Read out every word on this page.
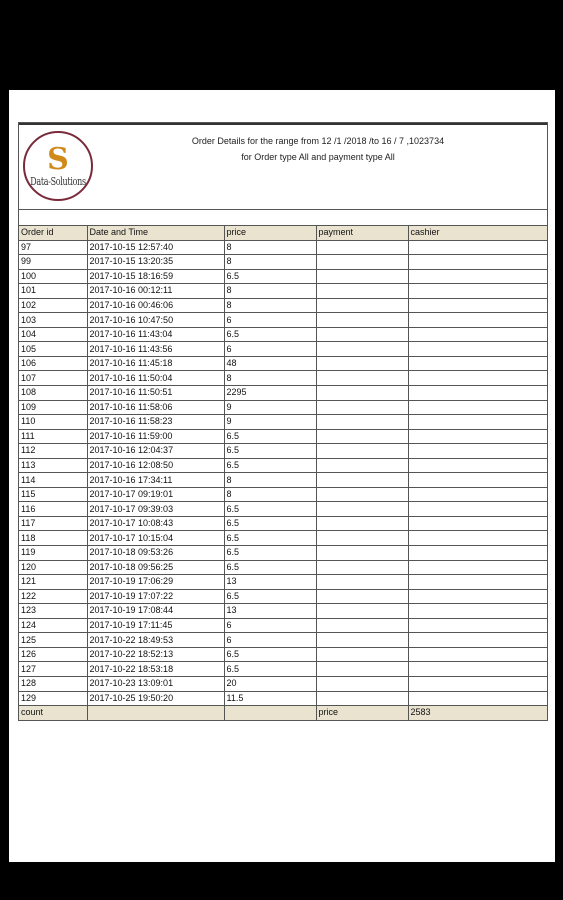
S
Data-Solutions
Order Details for the range from 12 /1 /2018 /to 16 / 7 ,1023734
for Order type All and payment type All
Order id	Date and Time	price	payment	cashier
97	2017-10-15 12:57:40	8		
99	2017-10-15 13:20:35	8		
100	2017-10-15 18:16:59	6.5		
101	2017-10-16 00:12:11	8		
102	2017-10-16 00:46:06	8		
103	2017-10-16 10:47:50	6		
104	2017-10-16 11:43:04	6.5		
105	2017-10-16 11:43:56	6		
106	2017-10-16 11:45:18	48		
107	2017-10-16 11:50:04	8		
108	2017-10-16 11:50:51	2295		
109	2017-10-16 11:58:06	9		
110	2017-10-16 11:58:23	9		
111	2017-10-16 11:59:00	6.5		
112	2017-10-16 12:04:37	6.5		
113	2017-10-16 12:08:50	6.5		
114	2017-10-16 17:34:11	8		
115	2017-10-17 09:19:01	8		
116	2017-10-17 09:39:03	6.5		
117	2017-10-17 10:08:43	6.5		
118	2017-10-17 10:15:04	6.5		
119	2017-10-18 09:53:26	6.5		
120	2017-10-18 09:56:25	6.5		
121	2017-10-19 17:06:29	13		
122	2017-10-19 17:07:22	6.5		
123	2017-10-19 17:08:44	13		
124	2017-10-19 17:11:45	6		
125	2017-10-22 18:49:53	6		
126	2017-10-22 18:52:13	6.5		
127	2017-10-22 18:53:18	6.5		
128	2017-10-23 13:09:01	20		
129	2017-10-25 19:50:20	11.5		
count			price	2583
